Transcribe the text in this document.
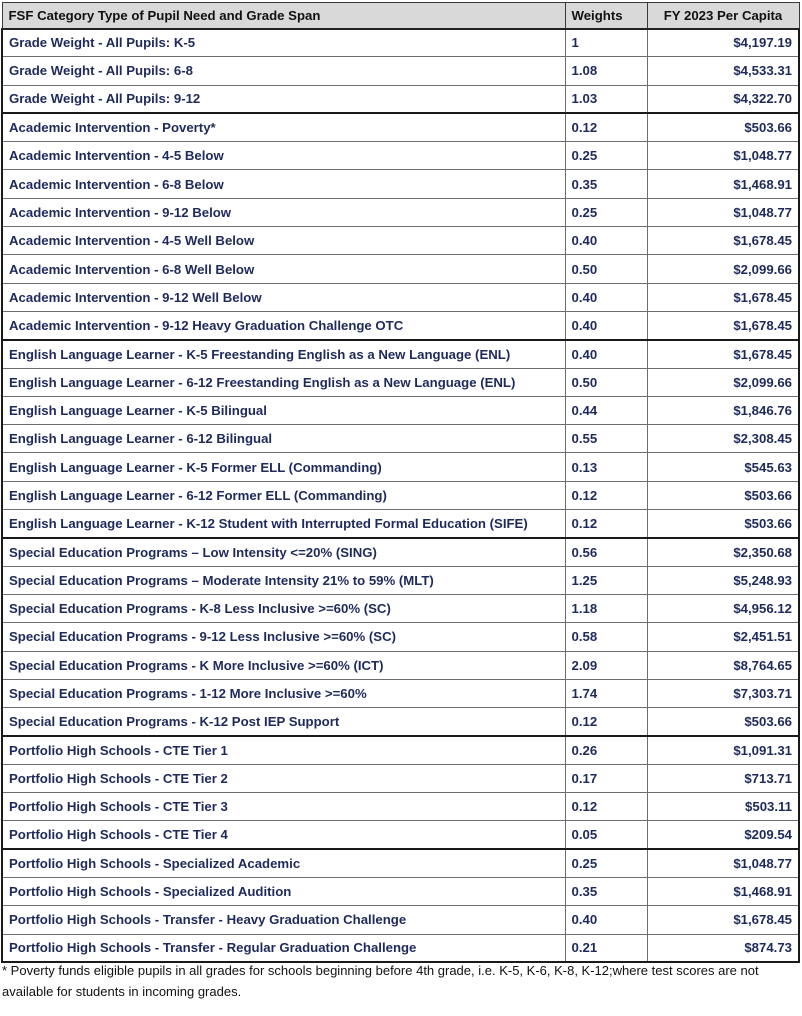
FSF Category Type of Pupil Need and Grade Span	Weights	FY 2023 Per Capita
Grade Weight - All Pupils: K-5	1	$4,197.19
Grade Weight - All Pupils: 6-8	1.08	$4,533.31
Grade Weight - All Pupils: 9-12	1.03	$4,322.70
Academic Intervention - Poverty*	0.12	$503.66
Academic Intervention - 4-5 Below	0.25	$1,048.77
Academic Intervention - 6-8 Below	0.35	$1,468.91
Academic Intervention - 9-12 Below	0.25	$1,048.77
Academic Intervention - 4-5 Well Below	0.40	$1,678.45
Academic Intervention - 6-8 Well Below	0.50	$2,099.66
Academic Intervention - 9-12 Well Below	0.40	$1,678.45
Academic Intervention - 9-12 Heavy Graduation Challenge OTC	0.40	$1,678.45
English Language Learner - K-5 Freestanding English as a New Language (ENL)	0.40	$1,678.45
English Language Learner - 6-12 Freestanding English as a New Language (ENL)	0.50	$2,099.66
English Language Learner - K-5 Bilingual	0.44	$1,846.76
English Language Learner - 6-12 Bilingual	0.55	$2,308.45
English Language Learner - K-5 Former ELL (Commanding)	0.13	$545.63
English Language Learner - 6-12 Former ELL (Commanding)	0.12	$503.66
English Language Learner - K-12 Student with Interrupted Formal Education (SIFE)	0.12	$503.66
Special Education Programs – Low Intensity <=20% (SING)	0.56	$2,350.68
Special Education Programs – Moderate Intensity 21% to 59% (MLT)	1.25	$5,248.93
Special Education Programs - K-8 Less Inclusive >=60% (SC)	1.18	$4,956.12
Special Education Programs - 9-12 Less Inclusive >=60% (SC)	0.58	$2,451.51
Special Education Programs - K More Inclusive >=60% (ICT)	2.09	$8,764.65
Special Education Programs - 1-12 More Inclusive >=60%	1.74	$7,303.71
Special Education Programs - K-12 Post IEP Support	0.12	$503.66
Portfolio High Schools - CTE Tier 1	0.26	$1,091.31
Portfolio High Schools - CTE Tier 2	0.17	$713.71
Portfolio High Schools - CTE Tier 3	0.12	$503.11
Portfolio High Schools - CTE Tier 4	0.05	$209.54
Portfolio High Schools - Specialized Academic	0.25	$1,048.77
Portfolio High Schools - Specialized Audition	0.35	$1,468.91
Portfolio High Schools - Transfer - Heavy Graduation Challenge	0.40	$1,678.45
Portfolio High Schools - Transfer - Regular Graduation Challenge	0.21	$874.73
* Poverty funds eligible pupils in all grades for schools beginning before 4th grade, i.e. K-5, K-6, K-8, K-12;where test scores are not available for students in incoming grades.
